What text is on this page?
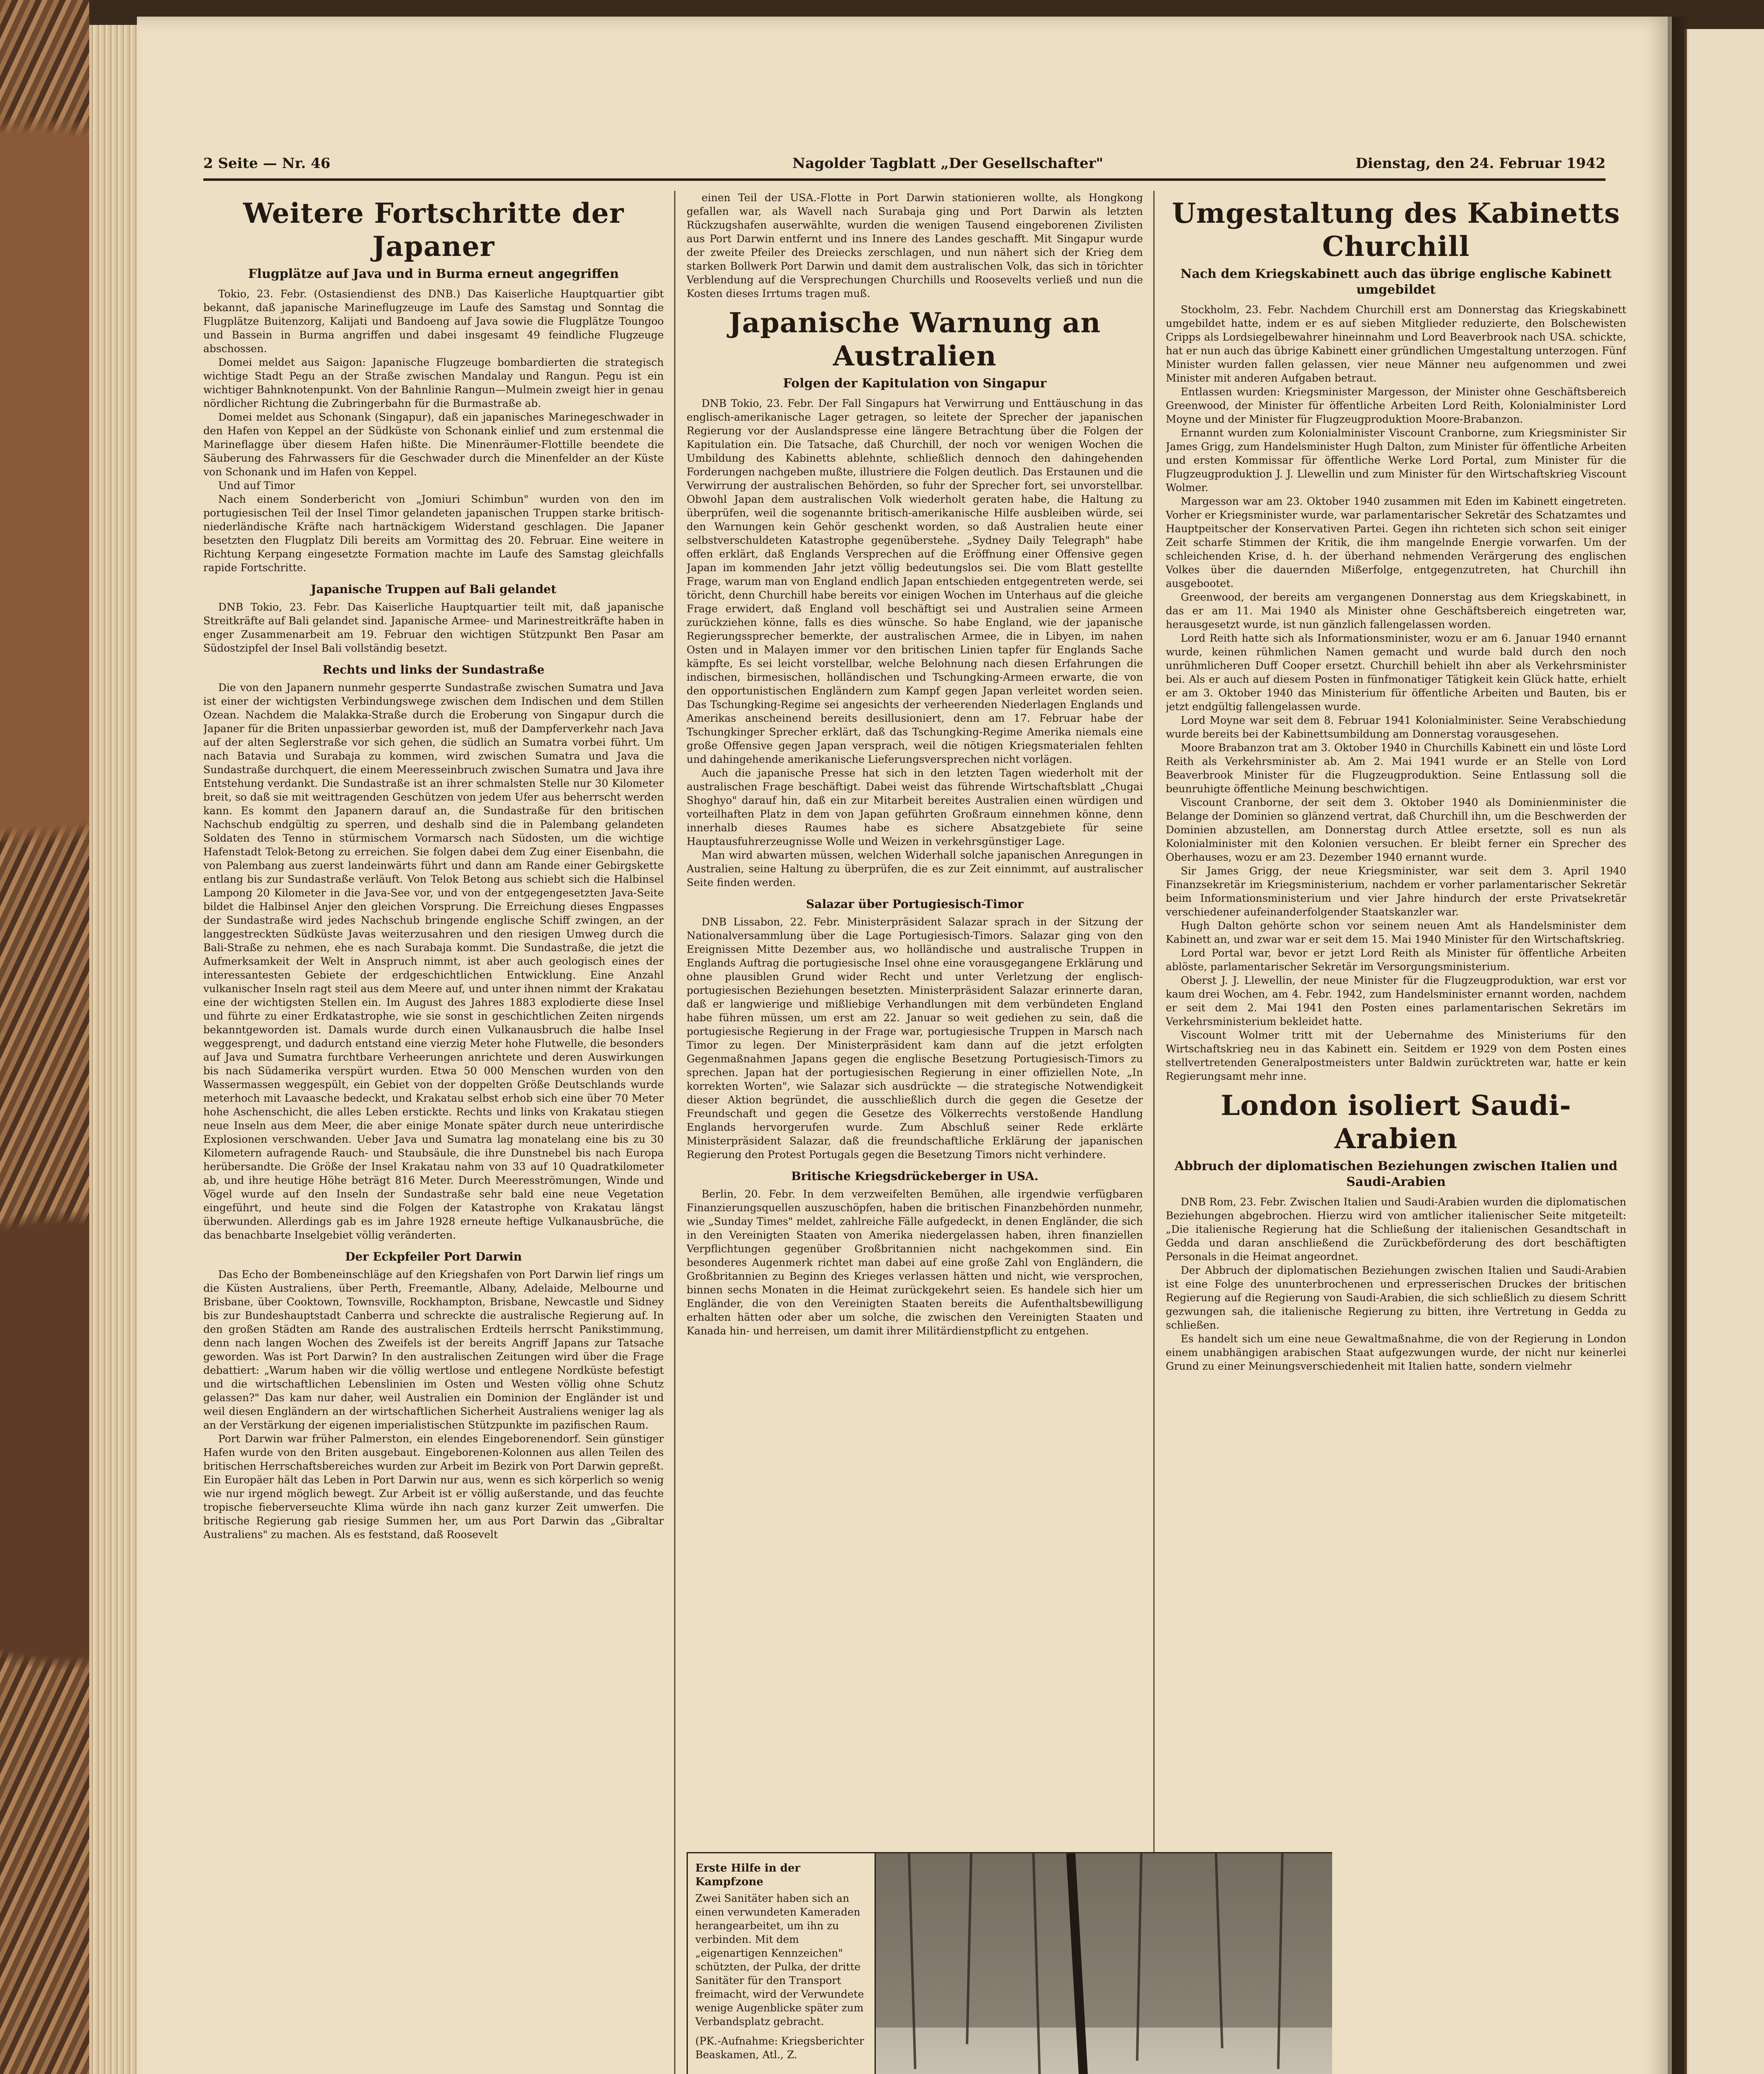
2 Seite — Nr. 46	Nagolder Tagblatt „Der Gesellschafter"	Dienstag, den 24. Februar 1942
Weitere Fortschritte der Japaner
Flugplätze auf Java und in Burma erneut angegriffen

Tokio, 23. Febr. (Ostasiendienst des DNB.) Das Kaiserliche Hauptquartier gibt bekannt, daß japanische Marineflugzeuge im Laufe des Samstag und Sonntag die Flugplätze Buitenzorg, Kalijati und Bandoeng auf Java sowie die Flugplätze Toungoo und Bassein in Burma angriffen und dabei insgesamt 49 feindliche Flugzeuge abschossen.

Domei meldet aus Saigon: Japanische Flugzeuge bombardierten die strategisch wichtige Stadt Pegu an der Straße zwischen Mandalay und Rangun. Pegu ist ein wichtiger Bahnknotenpunkt. Von der Bahnlinie Rangun—Mulmein zweigt hier in genau nördlicher Richtung die Zubringerbahn für die Burmastraße ab.

Domei meldet aus Schonank (Singapur), daß ein japanisches Marinegeschwader in den Hafen von Keppel an der Südküste von Schonank einlief und zum erstenmal die Marineflagge über diesem Hafen hißte. Die Minenräumer-Flottille beendete die Säuberung des Fahrwassers für die Geschwader durch die Minenfelder an der Küste von Schonank und im Hafen von Keppel.

Und auf Timor

Nach einem Sonderbericht von „Jomiuri Schimbun" wurden von den im portugiesischen Teil der Insel Timor gelandeten japanischen Truppen starke britisch-niederländische Kräfte nach hartnäckigem Widerstand geschlagen. Die Japaner besetzten den Flugplatz Dili bereits am Vormittag des 20. Februar. Eine weitere in Richtung Kerpang eingesetzte Formation machte im Laufe des Samstag gleichfalls rapide Fortschritte.

Japanische Truppen auf Bali gelandet

DNB Tokio, 23. Febr. Das Kaiserliche Hauptquartier teilt mit, daß japanische Streitkräfte auf Bali gelandet sind. Japanische Armee- und Marinestreitkräfte haben in enger Zusammenarbeit am 19. Februar den wichtigen Stützpunkt Ben Pasar am Südostzipfel der Insel Bali vollständig besetzt.

Rechts und links der Sundastraße

Die von den Japanern nunmehr gesperrte Sundastraße zwischen Sumatra und Java ist einer der wichtigsten Verbindungswege zwischen dem Indischen und dem Stillen Ozean. Nachdem die Malakka-Straße durch die Eroberung von Singapur durch die Japaner für die Briten unpassierbar geworden ist, muß der Dampferverkehr nach Java auf der alten Seglerstraße vor sich gehen, die südlich an Sumatra vorbei führt. Um nach Batavia und Surabaja zu kommen, wird zwischen Sumatra und Java die Sundastraße durchquert, die einem Meeresseinbruch zwischen Sumatra und Java ihre Entstehung verdankt. Die Sundastraße ist an ihrer schmalsten Stelle nur 30 Kilometer breit, so daß sie mit weittragenden Geschützen von jedem Ufer aus beherrscht werden kann. Es kommt den Japanern darauf an, die Sundastraße für den britischen Nachschub endgültig zu sperren, und deshalb sind die in Palembang gelandeten Soldaten des Tenno in stürmischem Vormarsch nach Südosten, um die wichtige Hafenstadt Telok-Betong zu erreichen. Sie folgen dabei dem Zug einer Eisenbahn, die von Palembang aus zuerst landeinwärts führt und dann am Rande einer Gebirgskette entlang bis zur Sundastraße verläuft. Von Telok Betong aus schiebt sich die Halbinsel Lampong 20 Kilometer in die Java-See vor, und von der entgegengesetzten Java-Seite bildet die Halbinsel Anjer den gleichen Vorsprung. Die Erreichung dieses Engpasses der Sundastraße wird jedes Nachschub bringende englische Schiff zwingen, an der langgestreckten Südküste Javas weiterzusahren und den riesigen Umweg durch die Bali-Straße zu nehmen, ehe es nach Surabaja kommt. Die Sundastraße, die jetzt die Aufmerksamkeit der Welt in Anspruch nimmt, ist aber auch geologisch eines der interessantesten Gebiete der erdgeschichtlichen Entwicklung. Eine Anzahl vulkanischer Inseln ragt steil aus dem Meere auf, und unter ihnen nimmt der Krakatau eine der wichtigsten Stellen ein. Im August des Jahres 1883 explodierte diese Insel und führte zu einer Erdkatastrophe, wie sie sonst in geschichtlichen Zeiten nirgends bekanntgeworden ist. Damals wurde durch einen Vulkanausbruch die halbe Insel weggesprengt, und dadurch entstand eine vierzig Meter hohe Flutwelle, die besonders auf Java und Sumatra furchtbare Verheerungen anrichtete und deren Auswirkungen bis nach Südamerika verspürt wurden. Etwa 50 000 Menschen wurden von den Wassermassen weggespült, ein Gebiet von der doppelten Größe Deutschlands wurde meterhoch mit Lavaasche bedeckt, und Krakatau selbst erhob sich eine über 70 Meter hohe Aschenschicht, die alles Leben erstickte. Rechts und links von Krakatau stiegen neue Inseln aus dem Meer, die aber einige Monate später durch neue unterirdische Explosionen verschwanden. Ueber Java und Sumatra lag monatelang eine bis zu 30 Kilometern aufragende Rauch- und Staubsäule, die ihre Dunstnebel bis nach Europa herübersandte. Die Größe der Insel Krakatau nahm von 33 auf 10 Quadratkilometer ab, und ihre heutige Höhe beträgt 816 Meter. Durch Meeresströmungen, Winde und Vögel wurde auf den Inseln der Sundastraße sehr bald eine neue Vegetation eingeführt, und heute sind die Folgen der Katastrophe von Krakatau längst überwunden. Allerdings gab es im Jahre 1928 erneute heftige Vulkanausbrüche, die das benachbarte Inselgebiet völlig veränderten.

Der Eckpfeiler Port Darwin

Das Echo der Bombeneinschläge auf den Kriegshafen von Port Darwin lief rings um die Küsten Australiens, über Perth, Freemantle, Albany, Adelaide, Melbourne und Brisbane, über Cooktown, Townsville, Rockhampton, Brisbane, Newcastle und Sidney bis zur Bundeshauptstadt Canberra und schreckte die australische Regierung auf. In den großen Städten am Rande des australischen Erdteils herrscht Panikstimmung, denn nach langen Wochen des Zweifels ist der bereits Angriff Japans zur Tatsache geworden. Was ist Port Darwin? In den australischen Zeitungen wird über die Frage debattiert: „Warum haben wir die völlig wertlose und entlegene Nordküste befestigt und die wirtschaftlichen Lebenslinien im Osten und Westen völlig ohne Schutz gelassen?" Das kam nur daher, weil Australien ein Dominion der Engländer ist und weil diesen Engländern an der wirtschaftlichen Sicherheit Australiens weniger lag als an der Verstärkung der eigenen imperialistischen Stützpunkte im pazifischen Raum.

Port Darwin war früher Palmerston, ein elendes Eingeborenendorf. Sein günstiger Hafen wurde von den Briten ausgebaut. Eingeborenen-Kolonnen aus allen Teilen des britischen Herrschaftsbereiches wurden zur Arbeit im Bezirk von Port Darwin gepreßt. Ein Europäer hält das Leben in Port Darwin nur aus, wenn es sich körperlich so wenig wie nur irgend möglich bewegt. Zur Arbeit ist er völlig außerstande, und das feuchte tropische fieberverseuchte Klima würde ihn nach ganz kurzer Zeit umwerfen. Die britische Regierung gab riesige Summen her, um aus Port Darwin das „Gibraltar Australiens" zu machen. Als es feststand, daß Roosevelt

einen Teil der USA.-Flotte in Port Darwin stationieren wollte, als Hongkong gefallen war, als Wavell nach Surabaja ging und Port Darwin als letzten Rückzugshafen auserwählte, wurden die wenigen Tausend eingeborenen Zivilisten aus Port Darwin entfernt und ins Innere des Landes geschafft. Mit Singapur wurde der zweite Pfeiler des Dreiecks zerschlagen, und nun nähert sich der Krieg dem starken Bollwerk Port Darwin und damit dem australischen Volk, das sich in törichter Verblendung auf die Versprechungen Churchills und Roosevelts verließ und nun die Kosten dieses Irrtums tragen muß.

Japanische Warnung an Australien
Folgen der Kapitulation von Singapur

DNB Tokio, 23. Febr. Der Fall Singapurs hat Verwirrung und Enttäuschung in das englisch-amerikanische Lager getragen, so leitete der Sprecher der japanischen Regierung vor der Auslandspresse eine längere Betrachtung über die Folgen der Kapitulation ein. Die Tatsache, daß Churchill, der noch vor wenigen Wochen die Umbildung des Kabinetts ablehnte, schließlich dennoch den dahingehenden Forderungen nachgeben mußte, illustriere die Folgen deutlich. Das Erstaunen und die Verwirrung der australischen Behörden, so fuhr der Sprecher fort, sei unvorstellbar. Obwohl Japan dem australischen Volk wiederholt geraten habe, die Haltung zu überprüfen, weil die sogenannte britisch-amerikanische Hilfe ausbleiben würde, sei den Warnungen kein Gehör geschenkt worden, so daß Australien heute einer selbstverschuldeten Katastrophe gegenüberstehe. „Sydney Daily Telegraph" habe offen erklärt, daß Englands Versprechen auf die Eröffnung einer Offensive gegen Japan im kommenden Jahr jetzt völlig bedeutungslos sei. Die vom Blatt gestellte Frage, warum man von England endlich Japan entschieden entgegentreten werde, sei töricht, denn Churchill habe bereits vor einigen Wochen im Unterhaus auf die gleiche Frage erwidert, daß England voll beschäftigt sei und Australien seine Armeen zurückziehen könne, falls es dies wünsche. So habe England, wie der japanische Regierungssprecher bemerkte, der australischen Armee, die in Libyen, im nahen Osten und in Malayen immer vor den britischen Linien tapfer für Englands Sache kämpfte, Es sei leicht vorstellbar, welche Belohnung nach diesen Erfahrungen die indischen, birmesischen, holländischen und Tschungking-Armeen erwarte, die von den opportunistischen Engländern zum Kampf gegen Japan verleitet worden seien. Das Tschungking-Regime sei angesichts der verheerenden Niederlagen Englands und Amerikas anscheinend bereits desillusioniert, denn am 17. Februar habe der Tschungkinger Sprecher erklärt, daß das Tschungking-Regime Amerika niemals eine große Offensive gegen Japan versprach, weil die nötigen Kriegsmaterialen fehlten und dahingehende amerikanische Lieferungsversprechen nicht vorlägen.

Auch die japanische Presse hat sich in den letzten Tagen wiederholt mit der australischen Frage beschäftigt. Dabei weist das führende Wirtschaftsblatt „Chugai Shoghyo" darauf hin, daß ein zur Mitarbeit bereites Australien einen würdigen und vorteilhaften Platz in dem von Japan geführten Großraum einnehmen könne, denn innerhalb dieses Raumes habe es sichere Absatzgebiete für seine Hauptausfuhrerzeugnisse Wolle und Weizen in verkehrsgünstiger Lage.

Man wird abwarten müssen, welchen Widerhall solche japanischen Anregungen in Australien, seine Haltung zu überprüfen, die es zur Zeit einnimmt, auf australischer Seite finden werden.

Salazar über Portugiesisch-Timor

DNB Lissabon, 22. Febr. Ministerpräsident Salazar sprach in der Sitzung der Nationalversammlung über die Lage Portugiesisch-Timors. Salazar ging von den Ereignissen Mitte Dezember aus, wo holländische und australische Truppen in Englands Auftrag die portugiesische Insel ohne eine vorausgegangene Erklärung und ohne plausiblen Grund wider Recht und unter Verletzung der englisch-portugiesischen Beziehungen besetzten. Ministerpräsident Salazar erinnerte daran, daß er langwierige und mißliebige Verhandlungen mit dem verbündeten England habe führen müssen, um erst am 22. Januar so weit gediehen zu sein, daß die portugiesische Regierung in der Frage war, portugiesische Truppen in Marsch nach Timor zu legen. Der Ministerpräsident kam dann auf die jetzt erfolgten Gegenmaßnahmen Japans gegen die englische Besetzung Portugiesisch-Timors zu sprechen. Japan hat der portugiesischen Regierung in einer offiziellen Note, „In korrekten Worten", wie Salazar sich ausdrückte — die strategische Notwendigkeit dieser Aktion begründet, die ausschließlich durch die gegen die Gesetze der Freundschaft und gegen die Gesetze des Völkerrechts verstoßende Handlung Englands hervorgerufen wurde. Zum Abschluß seiner Rede erklärte Ministerpräsident Salazar, daß die freundschaftliche Erklärung der japanischen Regierung den Protest Portugals gegen die Besetzung Timors nicht verhindere.

Britische Kriegsdrückeberger in USA.

Berlin, 20. Febr. In dem verzweifelten Bemühen, alle irgendwie verfügbaren Finanzierungsquellen auszuschöpfen, haben die britischen Finanzbehörden nunmehr, wie „Sunday Times" meldet, zahlreiche Fälle aufgedeckt, in denen Engländer, die sich in den Vereinigten Staaten von Amerika niedergelassen haben, ihren finanziellen Verpflichtungen gegenüber Großbritannien nicht nachgekommen sind. Ein besonderes Augenmerk richtet man dabei auf eine große Zahl von Engländern, die Großbritannien zu Beginn des Krieges verlassen hätten und nicht, wie versprochen, binnen sechs Monaten in die Heimat zurückgekehrt seien. Es handele sich hier um Engländer, die von den Vereinigten Staaten bereits die Aufenthaltsbewilligung erhalten hätten oder aber um solche, die zwischen den Vereinigten Staaten und Kanada hin- und herreisen, um damit ihrer Militärdienstpflicht zu entgehen.

Umgestaltung des Kabinetts Churchill
Nach dem Kriegskabinett auch das übrige englische Kabinett umgebildet

Stockholm, 23. Febr. Nachdem Churchill erst am Donnerstag das Kriegskabinett umgebildet hatte, indem er es auf sieben Mitglieder reduzierte, den Bolschewisten Cripps als Lordsiegelbewahrer hineinnahm und Lord Beaverbrook nach USA. schickte, hat er nun auch das übrige Kabinett einer gründlichen Umgestaltung unterzogen. Fünf Minister wurden fallen gelassen, vier neue Männer neu aufgenommen und zwei Minister mit anderen Aufgaben betraut.

Entlassen wurden: Kriegsminister Margesson, der Minister ohne Geschäftsbereich Greenwood, der Minister für öffentliche Arbeiten Lord Reith, Kolonialminister Lord Moyne und der Minister für Flugzeugproduktion Moore-Brabanzon.

Ernannt wurden zum Kolonialminister Viscount Cranborne, zum Kriegsminister Sir James Grigg, zum Handelsminister Hugh Dalton, zum Minister für öffentliche Arbeiten und ersten Kommissar für öffentliche Werke Lord Portal, zum Minister für die Flugzeugproduktion J. J. Llewellin und zum Minister für den Wirtschaftskrieg Viscount Wolmer.

Margesson war am 23. Oktober 1940 zusammen mit Eden im Kabinett eingetreten. Vorher er Kriegsminister wurde, war parlamentarischer Sekretär des Schatzamtes und Hauptpeitscher der Konservativen Partei. Gegen ihn richteten sich schon seit einiger Zeit scharfe Stimmen der Kritik, die ihm mangelnde Energie vorwarfen. Um der schleichenden Krise, d. h. der überhand nehmenden Verärgerung des englischen Volkes über die dauernden Mißerfolge, entgegenzutreten, hat Churchill ihn ausgebootet.

Greenwood, der bereits am vergangenen Donnerstag aus dem Kriegskabinett, in das er am 11. Mai 1940 als Minister ohne Geschäftsbereich eingetreten war, herausgesetzt wurde, ist nun gänzlich fallengelassen worden.

Lord Reith hatte sich als Informationsminister, wozu er am 6. Januar 1940 ernannt wurde, keinen rühmlichen Namen gemacht und wurde bald durch den noch unrühmlicheren Duff Cooper ersetzt. Churchill behielt ihn aber als Verkehrsminister bei. Als er auch auf diesem Posten in fünfmonatiger Tätigkeit kein Glück hatte, erhielt er am 3. Oktober 1940 das Ministerium für öffentliche Arbeiten und Bauten, bis er jetzt endgültig fallengelassen wurde.

Lord Moyne war seit dem 8. Februar 1941 Kolonialminister. Seine Verabschiedung wurde bereits bei der Kabinettsumbildung am Donnerstag vorausgesehen.

Moore Brabanzon trat am 3. Oktober 1940 in Churchills Kabinett ein und löste Lord Reith als Verkehrsminister ab. Am 2. Mai 1941 wurde er an Stelle von Lord Beaverbrook Minister für die Flugzeugproduktion. Seine Entlassung soll die beunruhigte öffentliche Meinung beschwichtigen.

Viscount Cranborne, der seit dem 3. Oktober 1940 als Dominienminister die Belange der Dominien so glänzend vertrat, daß Churchill ihn, um die Beschwerden der Dominien abzustellen, am Donnerstag durch Attlee ersetzte, soll es nun als Kolonialminister mit den Kolonien versuchen. Er bleibt ferner ein Sprecher des Oberhauses, wozu er am 23. Dezember 1940 ernannt wurde.

Sir James Grigg, der neue Kriegsminister, war seit dem 3. April 1940 Finanzsekretär im Kriegsministerium, nachdem er vorher parlamentarischer Sekretär beim Informationsministerium und vier Jahre hindurch der erste Privatsekretär verschiedener aufeinanderfolgender Staatskanzler war.

Hugh Dalton gehörte schon vor seinem neuen Amt als Handelsminister dem Kabinett an, und zwar war er seit dem 15. Mai 1940 Minister für den Wirtschaftskrieg.

Lord Portal war, bevor er jetzt Lord Reith als Minister für öffentliche Arbeiten ablöste, parlamentarischer Sekretär im Versorgungsministerium.

Oberst J. J. Llewellin, der neue Minister für die Flugzeugproduktion, war erst vor kaum drei Wochen, am 4. Febr. 1942, zum Handelsminister ernannt worden, nachdem er seit dem 2. Mai 1941 den Posten eines parlamentarischen Sekretärs im Verkehrsministerium bekleidet hatte.

Viscount Wolmer tritt mit der Uebernahme des Ministeriums für den Wirtschaftskrieg neu in das Kabinett ein. Seitdem er 1929 von dem Posten eines stellvertretenden Generalpostmeisters unter Baldwin zurücktreten war, hatte er kein Regierungsamt mehr inne.

London isoliert Saudi-Arabien
Abbruch der diplomatischen Beziehungen zwischen Italien und Saudi-Arabien

DNB Rom, 23. Febr. Zwischen Italien und Saudi-Arabien wurden die diplomatischen Beziehungen abgebrochen. Hierzu wird von amtlicher italienischer Seite mitgeteilt: „Die italienische Regierung hat die Schließung der italienischen Gesandtschaft in Gedda und daran anschließend die Zurückbeförderung des dort beschäftigten Personals in die Heimat angeordnet.

Der Abbruch der diplomatischen Beziehungen zwischen Italien und Saudi-Arabien ist eine Folge des ununterbrochenen und erpresserischen Druckes der britischen Regierung auf die Regierung von Saudi-Arabien, die sich schließlich zu diesem Schritt gezwungen sah, die italienische Regierung zu bitten, ihre Vertretung in Gedda zu schließen.

Es handelt sich um eine neue Gewaltmaßnahme, die von der Regierung in London einem unabhängigen arabischen Staat aufgezwungen wurde, der nicht nur keinerlei Grund zu einer Meinungsverschiedenheit mit Italien hatte, sondern vielmehr

Erste Hilfe in der Kampfzone
Zwei Sanitäter haben sich an einen verwundeten Kameraden herangearbeitet, um ihn zu verbinden. Mit dem „eigenartigen Kennzeichen" schützten, der Pulka, der dritte Sanitäter für den Transport freimacht, wird der Verwundete wenige Augenblicke später zum Verbandsplatz gebracht.
(PK.-Aufnahme: Kriegsberichter Beaskamen, Atl., Z.
